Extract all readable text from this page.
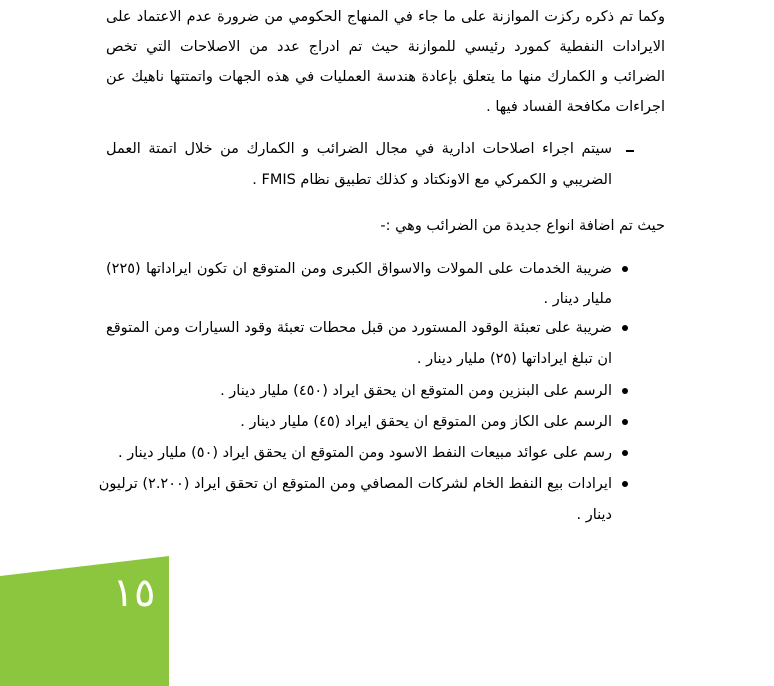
وكما تم ذكره ركزت الموازنة على ما جاء في المنهاج الحكومي من ضرورة عدم الاعتماد على
الايرادات النفطية كمورد رئيسي للموازنة حيث تم ادراج عدد من الاصلاحات التي تخص
الضرائب و الكمارك منها ما يتعلق بإعادة هندسة العمليات في هذه الجهات واتمتتها ناهيك عن
اجراءات مكافحة الفساد فيها .
سيتم اجراء اصلاحات ادارية في مجال الضرائب و الكمارك من خلال اتمتة العمل
الضريبي و الكمركي مع الاونكتاد و كذلك تطبيق نظام FMIS .
حيث تم اضافة انواع جديدة من الضرائب وهي :-
ضريبة الخدمات على المولات والاسواق الكبرى ومن المتوقع ان تكون ايراداتها (٢٢٥)
مليار دينار .
ضريبة على تعبئة الوقود المستورد من قبل محطات تعبئة وقود السيارات ومن المتوقع
ان تبلغ ايراداتها (٢٥) مليار دينار .
الرسم على البنزين ومن المتوقع ان يحقق ايراد (٤٥٠) مليار دينار .
الرسم على الكاز ومن المتوقع ان يحقق ايراد (٤٥) مليار دينار .
رسم على عوائد مبيعات النفط الاسود ومن المتوقع ان يحقق ايراد (٥٠) مليار دينار .
ايرادات بيع النفط الخام لشركات المصافي ومن المتوقع ان تحقق ايراد (٢.٢٠٠) ترليون
دينار .
١٥
